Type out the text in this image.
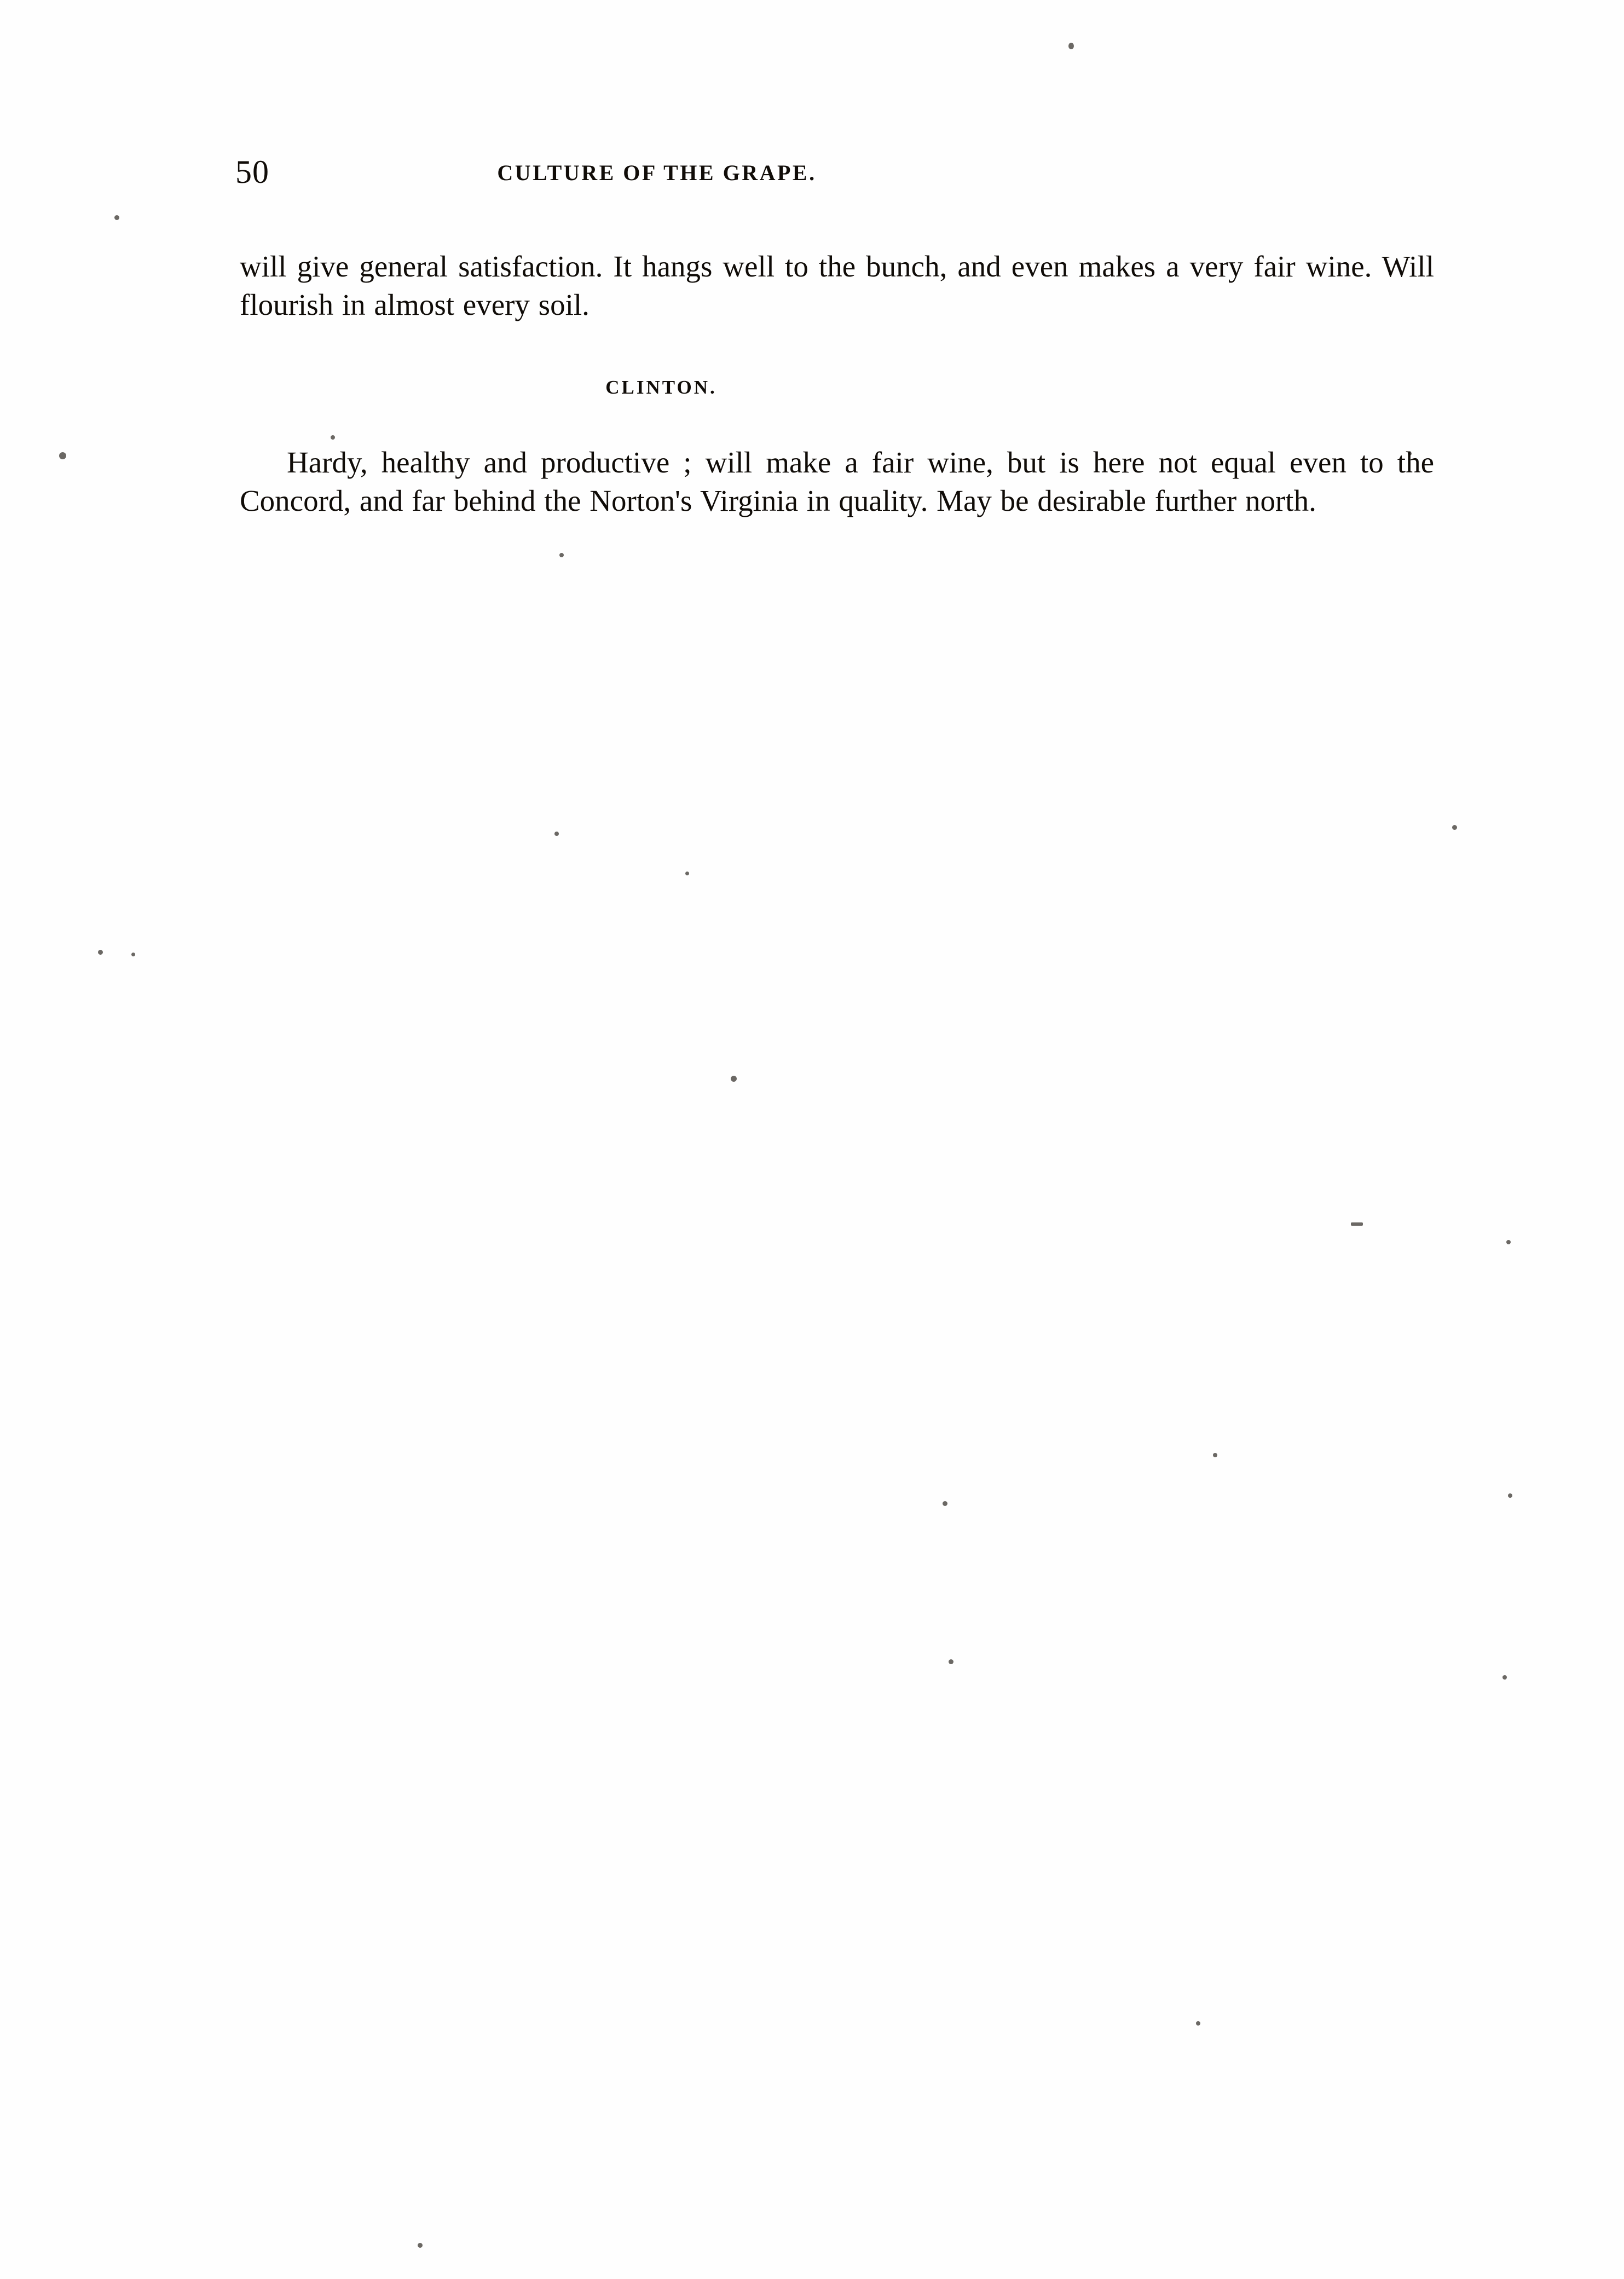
50	CULTURE OF THE GRAPE.

will give general satisfaction. It hangs well to the bunch, and even makes a very fair wine. Will flourish in almost every soil.

CLINTON.

Hardy, healthy and productive ; will make a fair wine, but is here not equal even to the Concord, and far behind the Norton's Virginia in quality. May be desirable further north.
